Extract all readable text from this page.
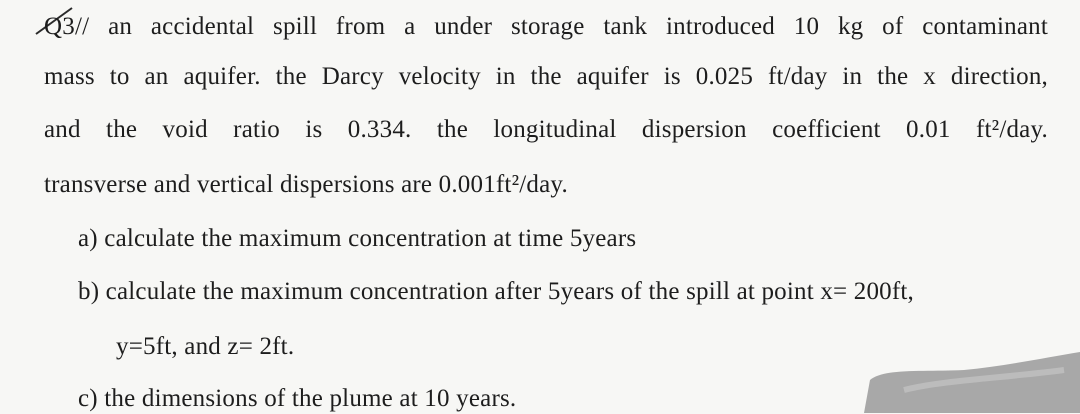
Q3// an accidental spill from a under storage tank introduced 10 kg of contaminant
mass to an aquifer. the Darcy velocity in the aquifer is 0.025 ft/day in the x direction,
and the void ratio is 0.334. the longitudinal dispersion coefficient 0.01 ft²/day.
transverse and vertical dispersions are 0.001ft²/day.
a) calculate the maximum concentration at time 5years
b) calculate the maximum concentration after 5years of the spill at point x= 200ft,
y=5ft, and z= 2ft.
c) the dimensions of the plume at 10 years.
